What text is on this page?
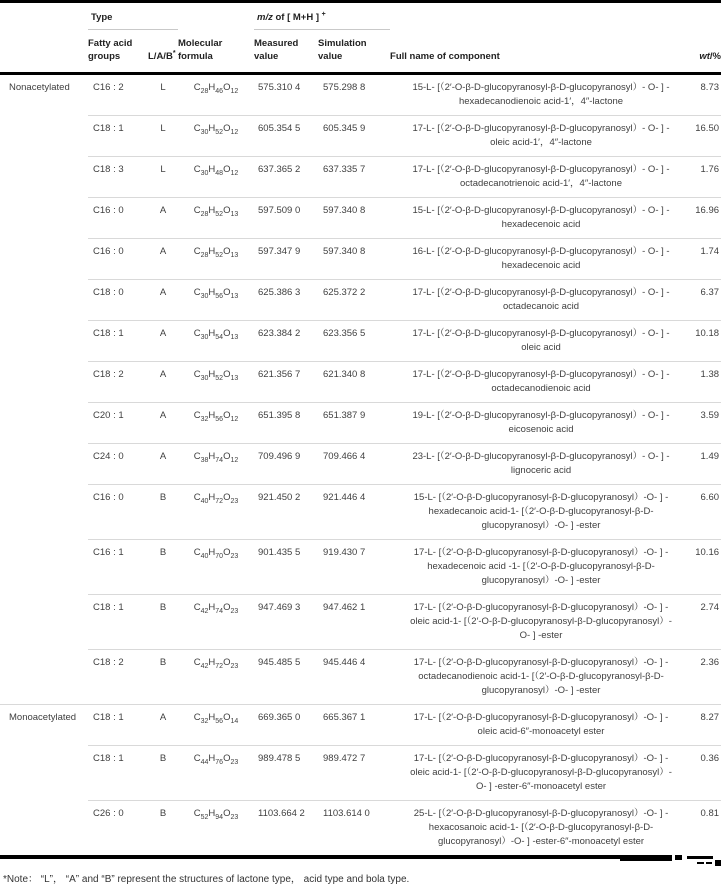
	Type			m/z of [ M+H ] +		
	Fatty acid groups	L/A/B*	Molecular formula	Measured value	Simulation value	Full name of component	wt/%
Nonacetylated	C16 : 2	L	$C_{28}H_{46}O_{12}$	575.310 4	575.298 8	15-L- [（2′-O-β-D-glucopyranosyl-β-D-glucopyranosyl）- O- ] -
hexadecanodienoic acid-1′，4″-lactone	8.73
	C18 : 1	L	$C_{30}H_{52}O_{12}$	605.354 5	605.345 9	17-L- [（2′-O-β-D-glucopyranosyl-β-D-glucopyranosyl）- O- ] -
oleic acid-1′，4″-lactone	16.50
	C18 : 3	L	$C_{30}H_{48}O_{12}$	637.365 2	637.335 7	17-L- [（2′-O-β-D-glucopyranosyl-β-D-glucopyranosyl）- O- ] -
octadecanotrienoic acid-1′，4″-lactone	1.76
	C16 : 0	A	$C_{28}H_{52}O_{13}$	597.509 0	597.340 8	15-L- [（2′-O-β-D-glucopyranosyl-β-D-glucopyranosyl）- O- ] -
hexadecenoic acid	16.96
	C16 : 0	A	$C_{28}H_{52}O_{13}$	597.347 9	597.340 8	16-L- [（2′-O-β-D-glucopyranosyl-β-D-glucopyranosyl）- O- ] -
hexadecenoic acid	1.74
	C18 : 0	A	$C_{30}H_{56}O_{13}$	625.386 3	625.372 2	17-L- [（2′-O-β-D-glucopyranosyl-β-D-glucopyranosyl）- O- ] -
octadecanoic acid	6.37
	C18 : 1	A	$C_{30}H_{54}O_{13}$	623.384 2	623.356 5	17-L- [（2′-O-β-D-glucopyranosyl-β-D-glucopyranosyl）- O- ] -
oleic acid	10.18
	C18 : 2	A	$C_{30}H_{52}O_{13}$	621.356 7	621.340 8	17-L- [（2′-O-β-D-glucopyranosyl-β-D-glucopyranosyl）- O- ] -
octadecanodienoic acid	1.38
	C20 : 1	A	$C_{32}H_{56}O_{12}$	651.395 8	651.387 9	19-L- [（2′-O-β-D-glucopyranosyl-β-D-glucopyranosyl）- O- ] -
eicosenoic acid	3.59
	C24 : 0	A	$C_{38}H_{74}O_{12}$	709.496 9	709.466 4	23-L- [（2′-O-β-D-glucopyranosyl-β-D-glucopyranosyl）- O- ] -
lignoceric acid	1.49
	C16 : 0	B	$C_{40}H_{72}O_{23}$	921.450 2	921.446 4	15-L- [（2′-O-β-D-glucopyranosyl-β-D-glucopyranosyl）-O- ] -
hexadecanoic acid-1- [（2′-O-β-D-glucopyranosyl-β-D-
glucopyranosyl）-O- ] -ester	6.60
	C16 : 1	B	$C_{40}H_{70}O_{23}$	901.435 5	919.430 7	17-L- [（2′-O-β-D-glucopyranosyl-β-D-glucopyranosyl）-O- ] -
hexadecenoic acid -1- [（2′-O-β-D-glucopyranosyl-β-D-
glucopyranosyl）-O- ] -ester	10.16
	C18 : 1	B	$C_{42}H_{74}O_{23}$	947.469 3	947.462 1	17-L- [（2′-O-β-D-glucopyranosyl-β-D-glucopyranosyl）-O- ] -
oleic acid-1- [（2′-O-β-D-glucopyranosyl-β-D-glucopyranosyl）-
O- ] -ester	2.74
	C18 : 2	B	$C_{42}H_{72}O_{23}$	945.485 5	945.446 4	17-L- [（2′-O-β-D-glucopyranosyl-β-D-glucopyranosyl）-O- ] -
octadecanodienoic acid-1- [（2′-O-β-D-glucopyranosyl-β-D-
glucopyranosyl）-O- ] -ester	2.36
Monoacetylated	C18 : 1	A	$C_{32}H_{56}O_{14}$	669.365 0	665.367 1	17-L- [（2′-O-β-D-glucopyranosyl-β-D-glucopyranosyl）-O- ] -
oleic acid-6″-monoacetyl ester	8.27
	C18 : 1	B	$C_{44}H_{76}O_{23}$	989.478 5	989.472 7	17-L- [（2′-O-β-D-glucopyranosyl-β-D-glucopyranosyl）-O- ] -
oleic acid-1- [（2′-O-β-D-glucopyranosyl-β-D-glucopyranosyl）-
O- ] -ester-6″-monoacetyl ester	0.36
	C26 : 0	B	$C_{52}H_{94}O_{23}$	1103.664 2	1103.614 0	25-L- [（2′-O-β-D-glucopyranosyl-β-D-glucopyranosyl）-O- ] -
hexacosanoic acid-1- [（2′-O-β-D-glucopyranosyl-β-D-
glucopyranosyl）-O- ] -ester-6″-monoacetyl ester	0.81
*Note： “L”， “A” and “B” represent the structures of lactone type， acid type and bola type.
